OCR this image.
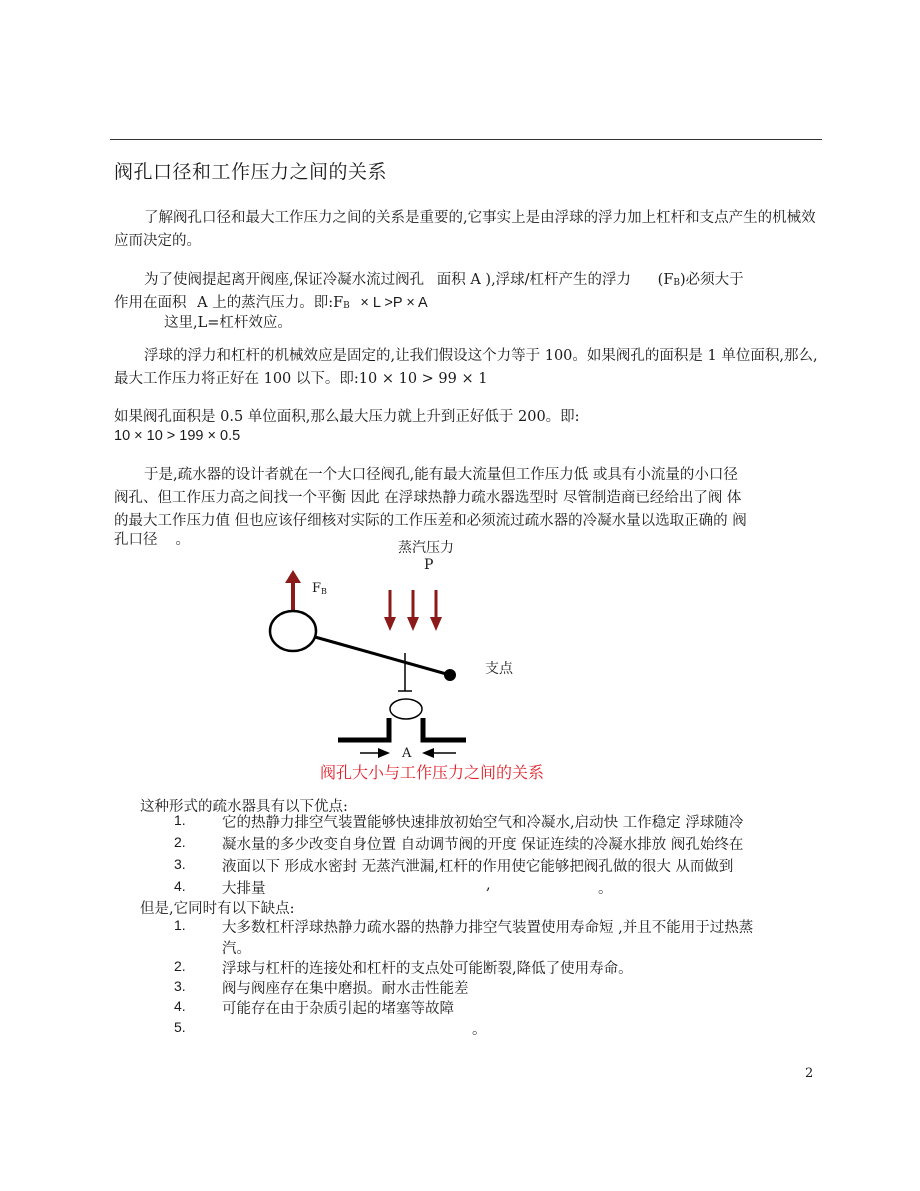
阀孔口径和工作压力之间的关系
了解阀孔口径和最大工作压力之间的关系是重要的,它事实上是由浮球的浮力加上杠杆和支点产生的机械效应而决定的。
为了使阀提起离开阀座,保证冷凝水流过阀孔 面积 A ),浮球/杠杆产生的浮力 (FB)必须大于
作用在面积 A 上的蒸汽压力。即:FB × L >P × A
这里,L=杠杆效应。
浮球的浮力和杠杆的机械效应是固定的,让我们假设这个力等于 100。如果阀孔的面积是 1 单位面积,那么,最大工作压力将正好在 100 以下。即:10 × 10 > 99 × 1
如果阀孔面积是 0.5 单位面积,那么最大压力就上升到正好低于 200。即:
10 × 10 > 199 × 0.5
于是,疏水器的设计者就在一个大口径阀孔,能有最大流量但工作压力低 或具有小流量的小口径
阀孔、但工作压力高之间找一个平衡 因此 在浮球热静力疏水器选型时 尽管制造商已经给出了阀 体
的最大工作压力值 但也应该仔细核对实际的工作压差和必须流过疏水器的冷凝水量以选取正确的 阀
孔口径 。	蒸汽压力
P
FB
支点
A
阀孔大小与工作压力之间的关系
这种形式的疏水器具有以下优点:
1.	它的热静力排空气装置能够快速排放初始空气和冷凝水,启动快 工作稳定 浮球随冷
2.	凝水量的多少改变自身位置 自动调节阀的开度 保证连续的冷凝水排放 阀孔始终在
3.	液面以下 形成水密封 无蒸汽泄漏,杠杆的作用使它能够把阀孔做的很大 从而做到
4.	大排量	,	。
但是,它同时有以下缺点:
1.	大多数杠杆浮球热静力疏水器的热静力排空气装置使用寿命短 ,并且不能用于过热蒸
汽。
2.	浮球与杠杆的连接处和杠杆的支点处可能断裂,降低了使用寿命。
3.	阀与阀座存在集中磨损。耐水击性能差
4.	可能存在由于杂质引起的堵塞等故障
5.	。
2
